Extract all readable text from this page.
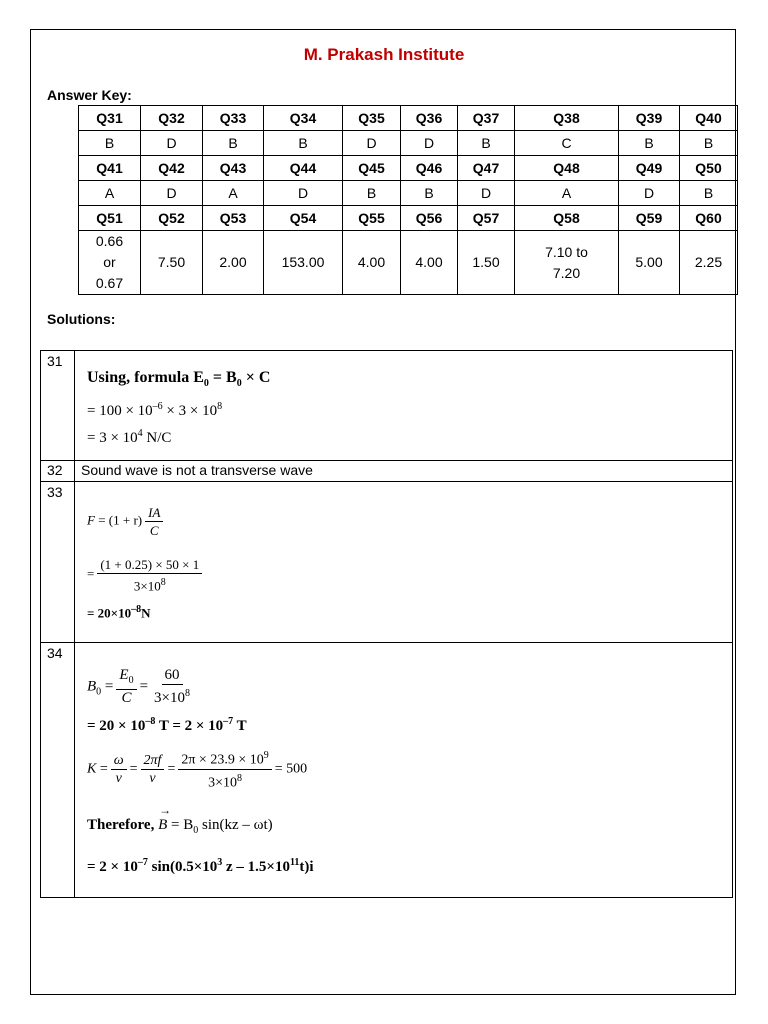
M. Prakash Institute
Answer Key:
Q31	Q32	Q33	Q34	Q35	Q36	Q37	Q38	Q39	Q40
B	D	B	B	D	D	B	C	B	B
Q41	Q42	Q43	Q44	Q45	Q46	Q47	Q48	Q49	Q50
A	D	A	D	B	B	D	A	D	B
Q51	Q52	Q53	Q54	Q55	Q56	Q57	Q58	Q59	Q60
0.66
or
0.67	7.50	2.00	153.00	4.00	4.00	1.50	7.10 to
7.20	5.00	2.25
Solutions:
31
Using, formula $E_0 = B_0 \times C$
= $100 \times 10^{-6} \times 3 \times 10^8$
= $3 \times 10^4$ N/C
32	Sound wave is not a transverse wave
33
$F = (1 + r) \frac{IA}{C}$
= $\frac{(1 + 0.25) \times 50 \times 1}{3\times 10^8}$
= $20\times 10^{-8}N$
34
$B_0 = \frac{E_0}{C} = \frac{60}{3\times 10^8}$
= $20 \times 10^{-8}$ $T = 2 \times 10^{-7}$ T
$K = \frac{\omega}{v} = \frac{2\pi f}{v} = \frac{2\pi \times 23.9 \times 10^9}{3\times 10^8} = 500$
Therefore,
→
$B = B_0$ sin(kz – ωt)
= $2 \times 10^{-7}$ $\sin(0.5\times 10^3$ $z - 1.5\times 10^{11}t)i$
